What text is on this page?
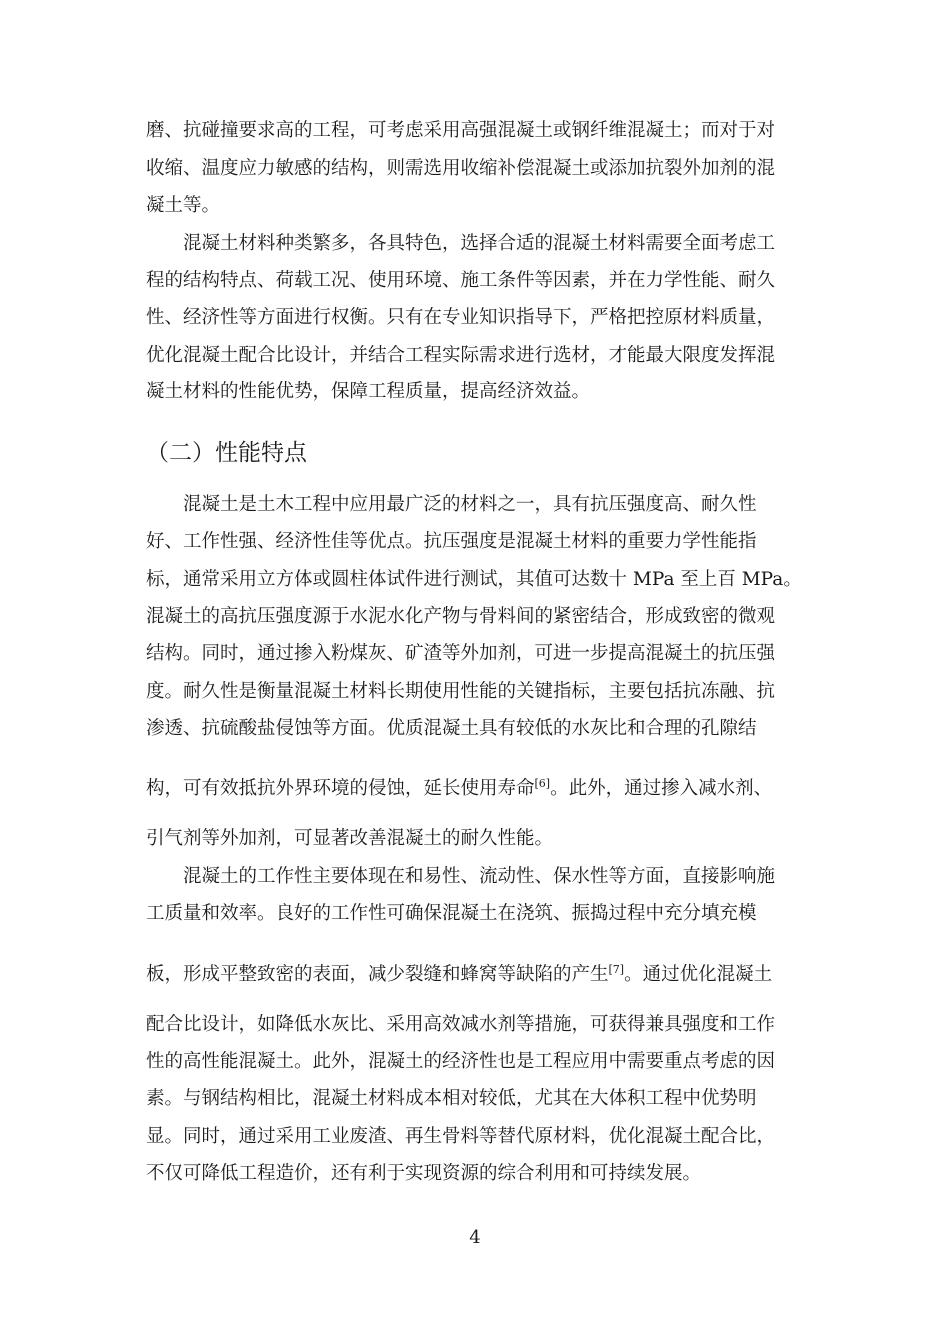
磨、抗碰撞要求高的工程，可考虑采用高强混凝土或钢纤维混凝土；而对于对
收缩、温度应力敏感的结构，则需选用收缩补偿混凝土或添加抗裂外加剂的混
凝土等。
混凝土材料种类繁多，各具特色，选择合适的混凝土材料需要全面考虑工
程的结构特点、荷载工况、使用环境、施工条件等因素，并在力学性能、耐久
性、经济性等方面进行权衡。只有在专业知识指导下，严格把控原材料质量，
优化混凝土配合比设计，并结合工程实际需求进行选材，才能最大限度发挥混
凝土材料的性能优势，保障工程质量，提高经济效益。
（二）性能特点
混凝土是土木工程中应用最广泛的材料之一，具有抗压强度高、耐久性
好、工作性强、经济性佳等优点。抗压强度是混凝土材料的重要力学性能指
标，通常采用立方体或圆柱体试件进行测试，其值可达数十 MPa 至上百 MPa。
混凝土的高抗压强度源于水泥水化产物与骨料间的紧密结合，形成致密的微观
结构。同时，通过掺入粉煤灰、矿渣等外加剂，可进一步提高混凝土的抗压强
度。耐久性是衡量混凝土材料长期使用性能的关键指标，主要包括抗冻融、抗
渗透、抗硫酸盐侵蚀等方面。优质混凝土具有较低的水灰比和合理的孔隙结
构，可有效抵抗外界环境的侵蚀，延长使用寿命[6]。此外，通过掺入减水剂、
引气剂等外加剂，可显著改善混凝土的耐久性能。
混凝土的工作性主要体现在和易性、流动性、保水性等方面，直接影响施
工质量和效率。良好的工作性可确保混凝土在浇筑、振捣过程中充分填充模
板，形成平整致密的表面，减少裂缝和蜂窝等缺陷的产生[7]。通过优化混凝土
配合比设计，如降低水灰比、采用高效减水剂等措施，可获得兼具强度和工作
性的高性能混凝土。此外，混凝土的经济性也是工程应用中需要重点考虑的因
素。与钢结构相比，混凝土材料成本相对较低，尤其在大体积工程中优势明
显。同时，通过采用工业废渣、再生骨料等替代原材料，优化混凝土配合比，
不仅可降低工程造价，还有利于实现资源的综合利用和可持续发展。
4
